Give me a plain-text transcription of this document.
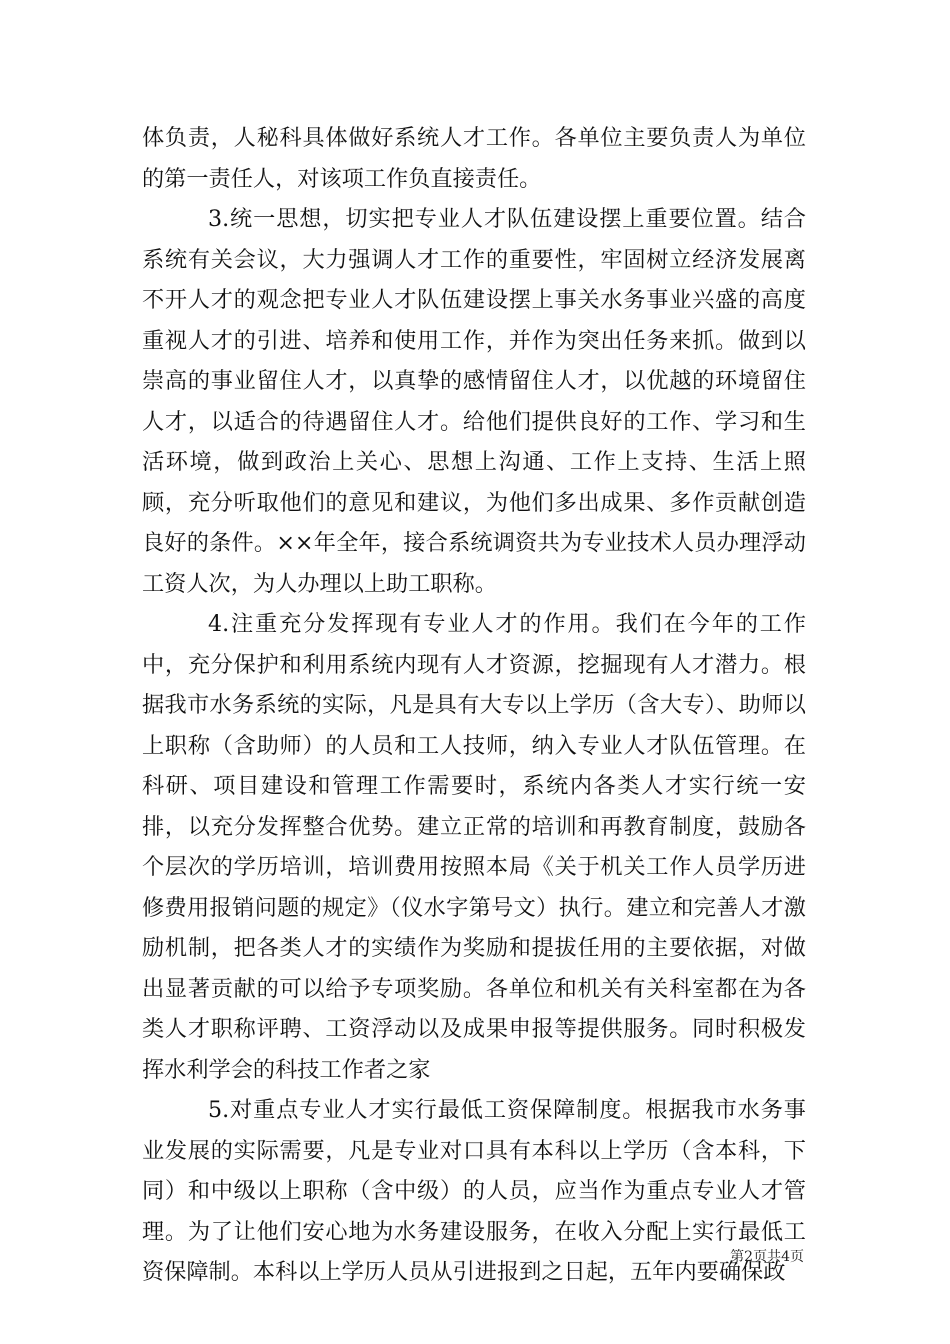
体负责，人秘科具体做好系统人才工作。各单位主要负责人为单位的第一责任人，对该项工作负直接责任。

3.统一思想，切实把专业人才队伍建设摆上重要位置。结合系统有关会议，大力强调人才工作的重要性，牢固树立经济发展离不开人才的观念把专业人才队伍建设摆上事关水务事业兴盛的高度重视人才的引进、培养和使用工作，并作为突出任务来抓。做到以崇高的事业留住人才，以真挚的感情留住人才，以优越的环境留住人才，以适合的待遇留住人才。给他们提供良好的工作、学习和生活环境，做到政治上关心、思想上沟通、工作上支持、生活上照顾，充分听取他们的意见和建议，为他们多出成果、多作贡献创造良好的条件。××年全年，接合系统调资共为专业技术人员办理浮动工资人次，为人办理以上助工职称。

4.注重充分发挥现有专业人才的作用。我们在今年的工作中，充分保护和利用系统内现有人才资源，挖掘现有人才潜力。根据我市水务系统的实际，凡是具有大专以上学历（含大专）、助师以上职称（含助师）的人员和工人技师，纳入专业人才队伍管理。在科研、项目建设和管理工作需要时，系统内各类人才实行统一安排，以充分发挥整合优势。建立正常的培训和再教育制度，鼓励各个层次的学历培训，培训费用按照本局《关于机关工作人员学历进修费用报销问题的规定》（仪水字第号文）执行。建立和完善人才激励机制，把各类人才的实绩作为奖励和提拔任用的主要依据，对做出显著贡献的可以给予专项奖励。各单位和机关有关科室都在为各类人才职称评聘、工资浮动以及成果申报等提供服务。同时积极发挥水利学会的科技工作者之家

5.对重点专业人才实行最低工资保障制度。根据我市水务事业发展的实际需要，凡是专业对口具有本科以上学历（含本科，下同）和中级以上职称（含中级）的人员，应当作为重点专业人才管理。为了让他们安心地为水务建设服务，在收入分配上实行最低工资保障制。本科以上学历人员从引进报到之日起，五年内要确保政

第2页共4页
